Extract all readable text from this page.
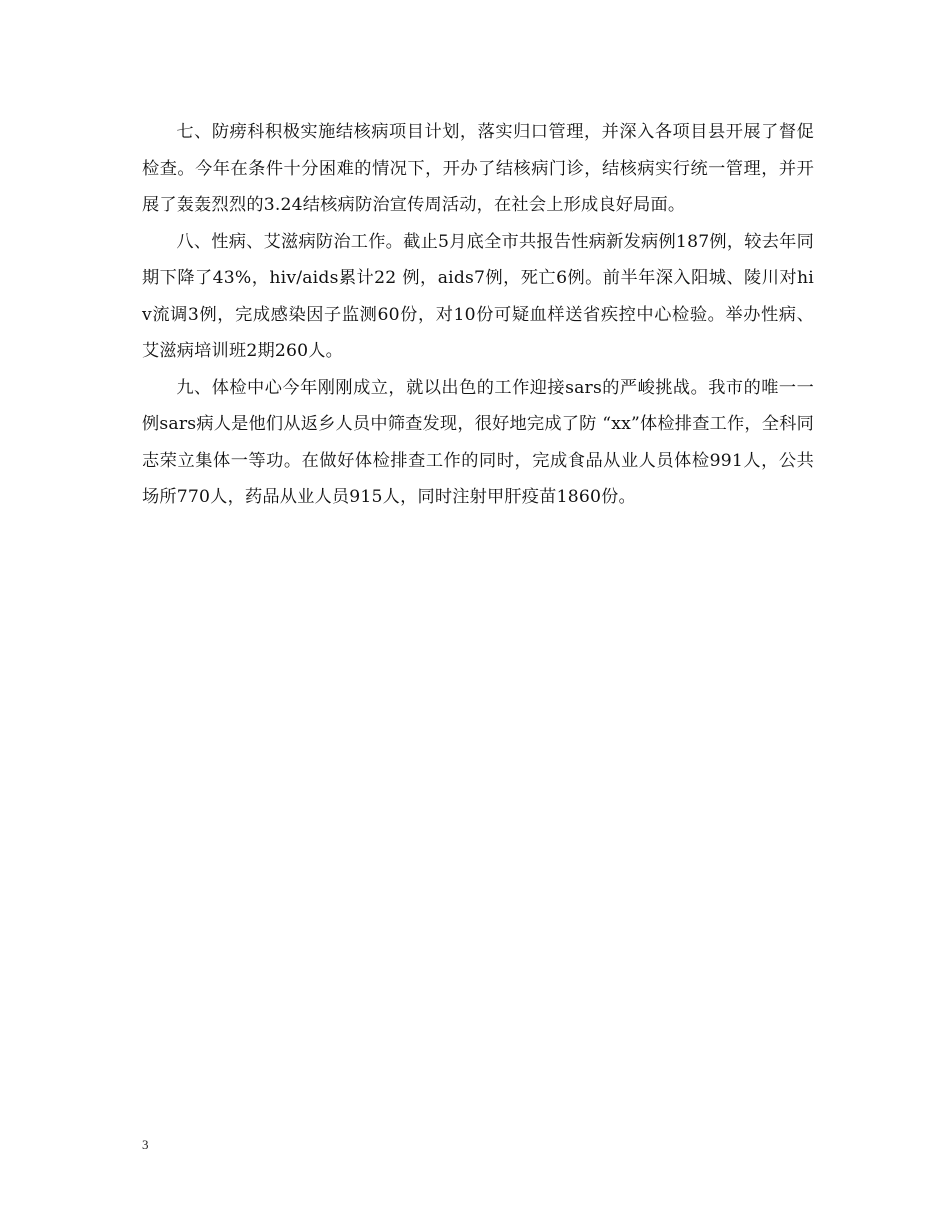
七、防痨科积极实施结核病项目计划，落实归口管理，并深入各项目县开展了督促检查。今年在条件十分困难的情况下，开办了结核病门诊，结核病实行统一管理，并开展了轰轰烈烈的3.24结核病防治宣传周活动，在社会上形成良好局面。

八、性病、艾滋病防治工作。截止5月底全市共报告性病新发病例187例，较去年同期下降了43%，hiv/aids累计22 例，aids7例，死亡6例。前半年深入阳城、陵川对hiv流调3例，完成感染因子监测60份，对10份可疑血样送省疾控中心检验。举办性病、艾滋病培训班2期260人。

九、体检中心今年刚刚成立，就以出色的工作迎接sars的严峻挑战。我市的唯一一例sars病人是他们从返乡人员中筛查发现，很好地完成了防 “xx”体检排查工作，全科同志荣立集体一等功。在做好体检排查工作的同时，完成食品从业人员体检991人，公共场所770人，药品从业人员915人，同时注射甲肝疫苗1860份。

3
